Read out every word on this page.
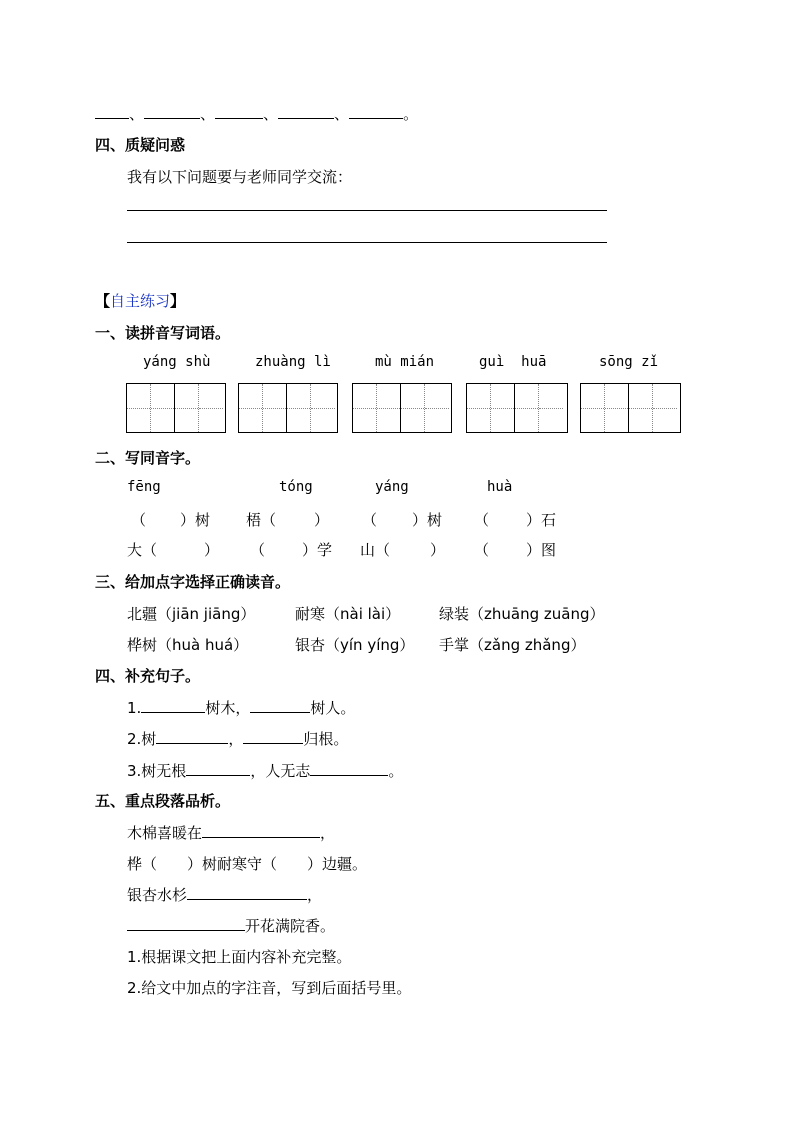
、	、	、	、	。
四、质疑问惑
我有以下问题要与老师同学交流：
【自主练习】
一、读拼音写词语。
yáng shù	zhuàng lì	mù mián	guì  huā	sōng zǐ
二、写同音字。
fēng	tóng	yáng	huà
（ ）树 梧（	） （ ）树 （ ）石
大（	） （ ）学 山（	） （ ）图
三、给加点字选择正确读音。
北疆（jiān jiāng）	耐寒（nài lài）	绿装（zhuāng zuāng）
桦树（huà huá）	银杏（yín yíng） 手掌（zǎng zhǎng）
四、补充句子。
1.	树木，	树人。
2.树	，	归根。
3.树无根	，人无志	。
五、重点段落品析。
木棉喜暖在	，
桦（ ）树耐寒守（ ）边疆。
银杏水杉	，
开花满院香。
1.根据课文把上面内容补充完整。
2.给文中加点的字注音，写到后面括号里。
